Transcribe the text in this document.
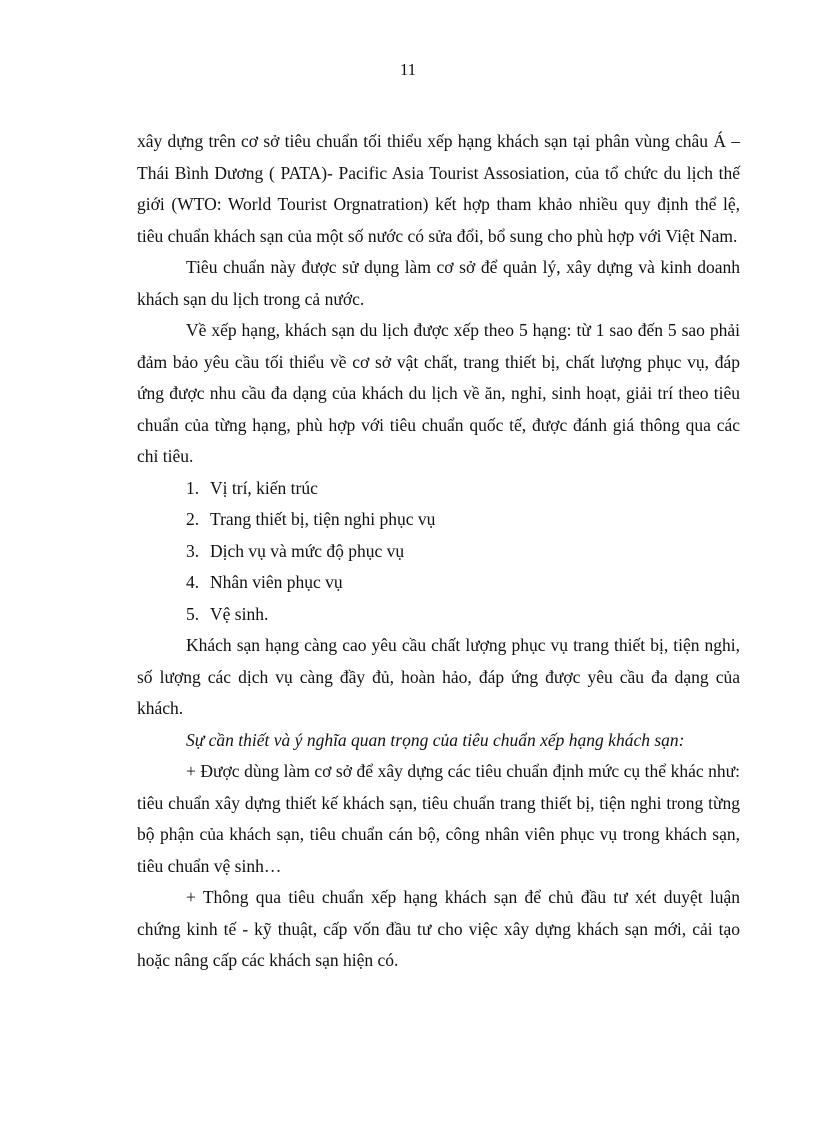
11

xây dựng trên cơ sở tiêu chuẩn tối thiểu xếp hạng khách sạn tại phân vùng châu Á – Thái Bình Dương ( PATA)- Pacific Asia Tourist Assosiation, của tổ chức du lịch thế giới (WTO: World Tourist Orgnatration) kết hợp tham khảo nhiều quy định thể lệ, tiêu chuẩn khách sạn của một số nước có sửa đổi, bổ sung cho phù hợp với Việt Nam.

Tiêu chuẩn này được sử dụng làm cơ sở để quản lý, xây dựng và kinh doanh khách sạn du lịch trong cả nước.

Về xếp hạng, khách sạn du lịch được xếp theo 5 hạng: từ 1 sao đến 5 sao phải đảm bảo yêu cầu tối thiểu về cơ sở vật chất, trang thiết bị, chất lượng phục vụ, đáp ứng được nhu cầu đa dạng của khách du lịch về ăn, nghỉ, sinh hoạt, giải trí theo tiêu chuẩn của từng hạng, phù hợp với tiêu chuẩn quốc tế, được đánh giá thông qua các chỉ tiêu.

1. Vị trí, kiến trúc
2. Trang thiết bị, tiện nghi phục vụ
3. Dịch vụ và mức độ phục vụ
4. Nhân viên phục vụ
5. Vệ sinh.

Khách sạn hạng càng cao yêu cầu chất lượng phục vụ trang thiết bị, tiện nghi, số lượng các dịch vụ càng đầy đủ, hoàn hảo, đáp ứng được yêu cầu đa dạng của khách.

Sự cần thiết và ý nghĩa quan trọng của tiêu chuẩn xếp hạng khách sạn:

+ Được dùng làm cơ sở để xây dựng các tiêu chuẩn định mức cụ thể khác như: tiêu chuẩn xây dựng thiết kế khách sạn, tiêu chuẩn trang thiết bị, tiện nghi trong từng bộ phận của khách sạn, tiêu chuẩn cán bộ, công nhân viên phục vụ trong khách sạn, tiêu chuẩn vệ sinh…

+ Thông qua tiêu chuẩn xếp hạng khách sạn để chủ đầu tư xét duyệt luận chứng kinh tế - kỹ thuật, cấp vốn đầu tư cho việc xây dựng khách sạn mới, cải tạo hoặc nâng cấp các khách sạn hiện có.
